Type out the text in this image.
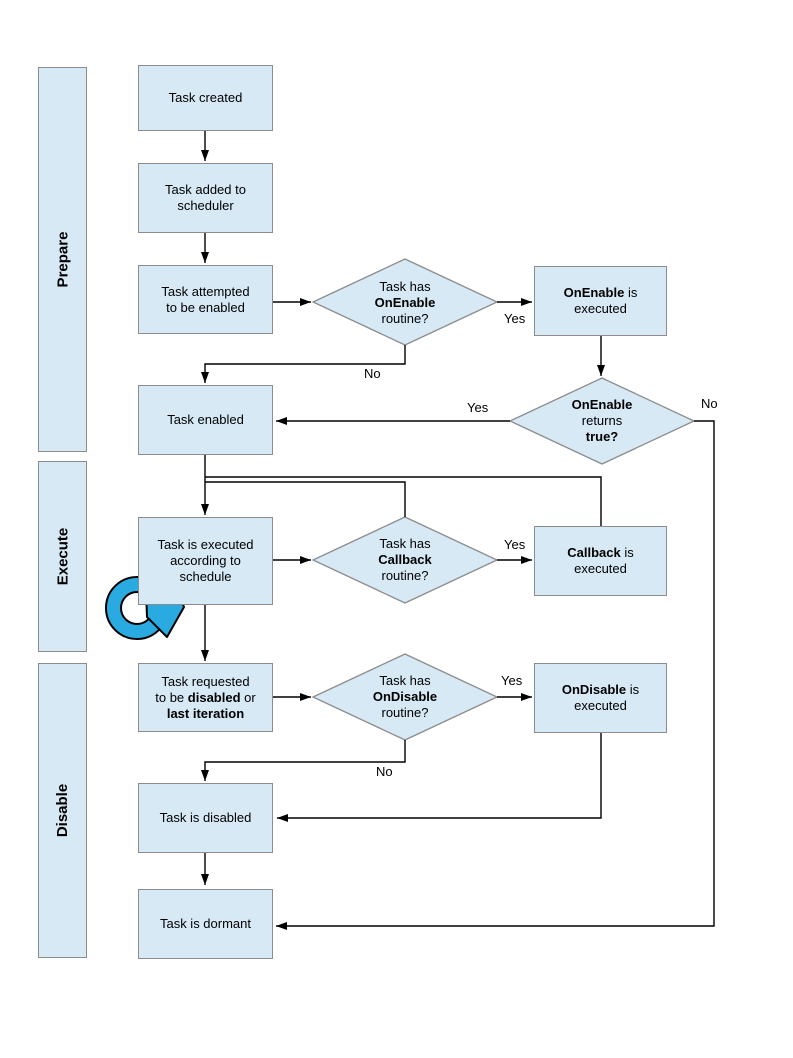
Prepare
Execute
Disable
Task created
Task added to
scheduler
Task attempted
to be enabled
Task enabled
Task is executed
according to
schedule
Task requested
to be disabled or
last iteration
Task is disabled
Task is dormant
OnEnable is
executed
Callback is
executed
OnDisable is
executed
Task has
OnEnable
routine?
OnEnable
returns
true?
Task has
Callback
routine?
Task has
OnDisable
routine?
Yes
No
Yes	No
Yes
Yes
No
